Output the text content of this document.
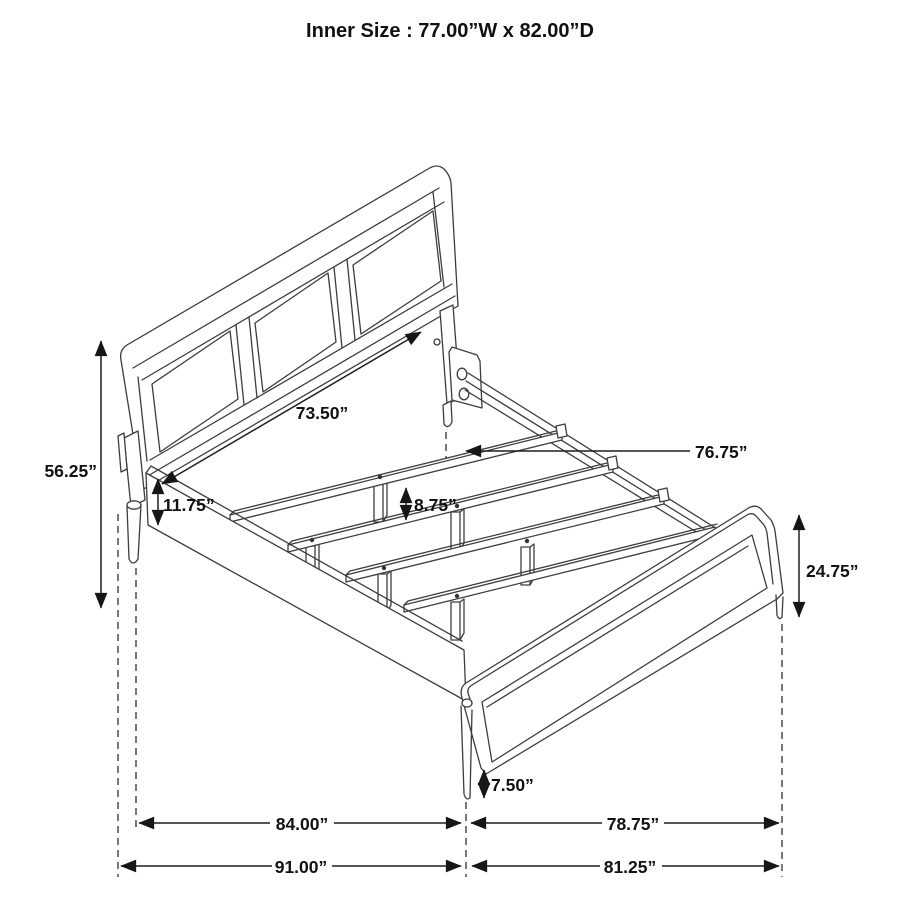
Inner Size : 77.00”W x 82.00”D
56.25”
11.75”
73.50”
76.75”
8.75”
24.75”
7.50”
84.00”	78.75”
91.00”	81.25”
